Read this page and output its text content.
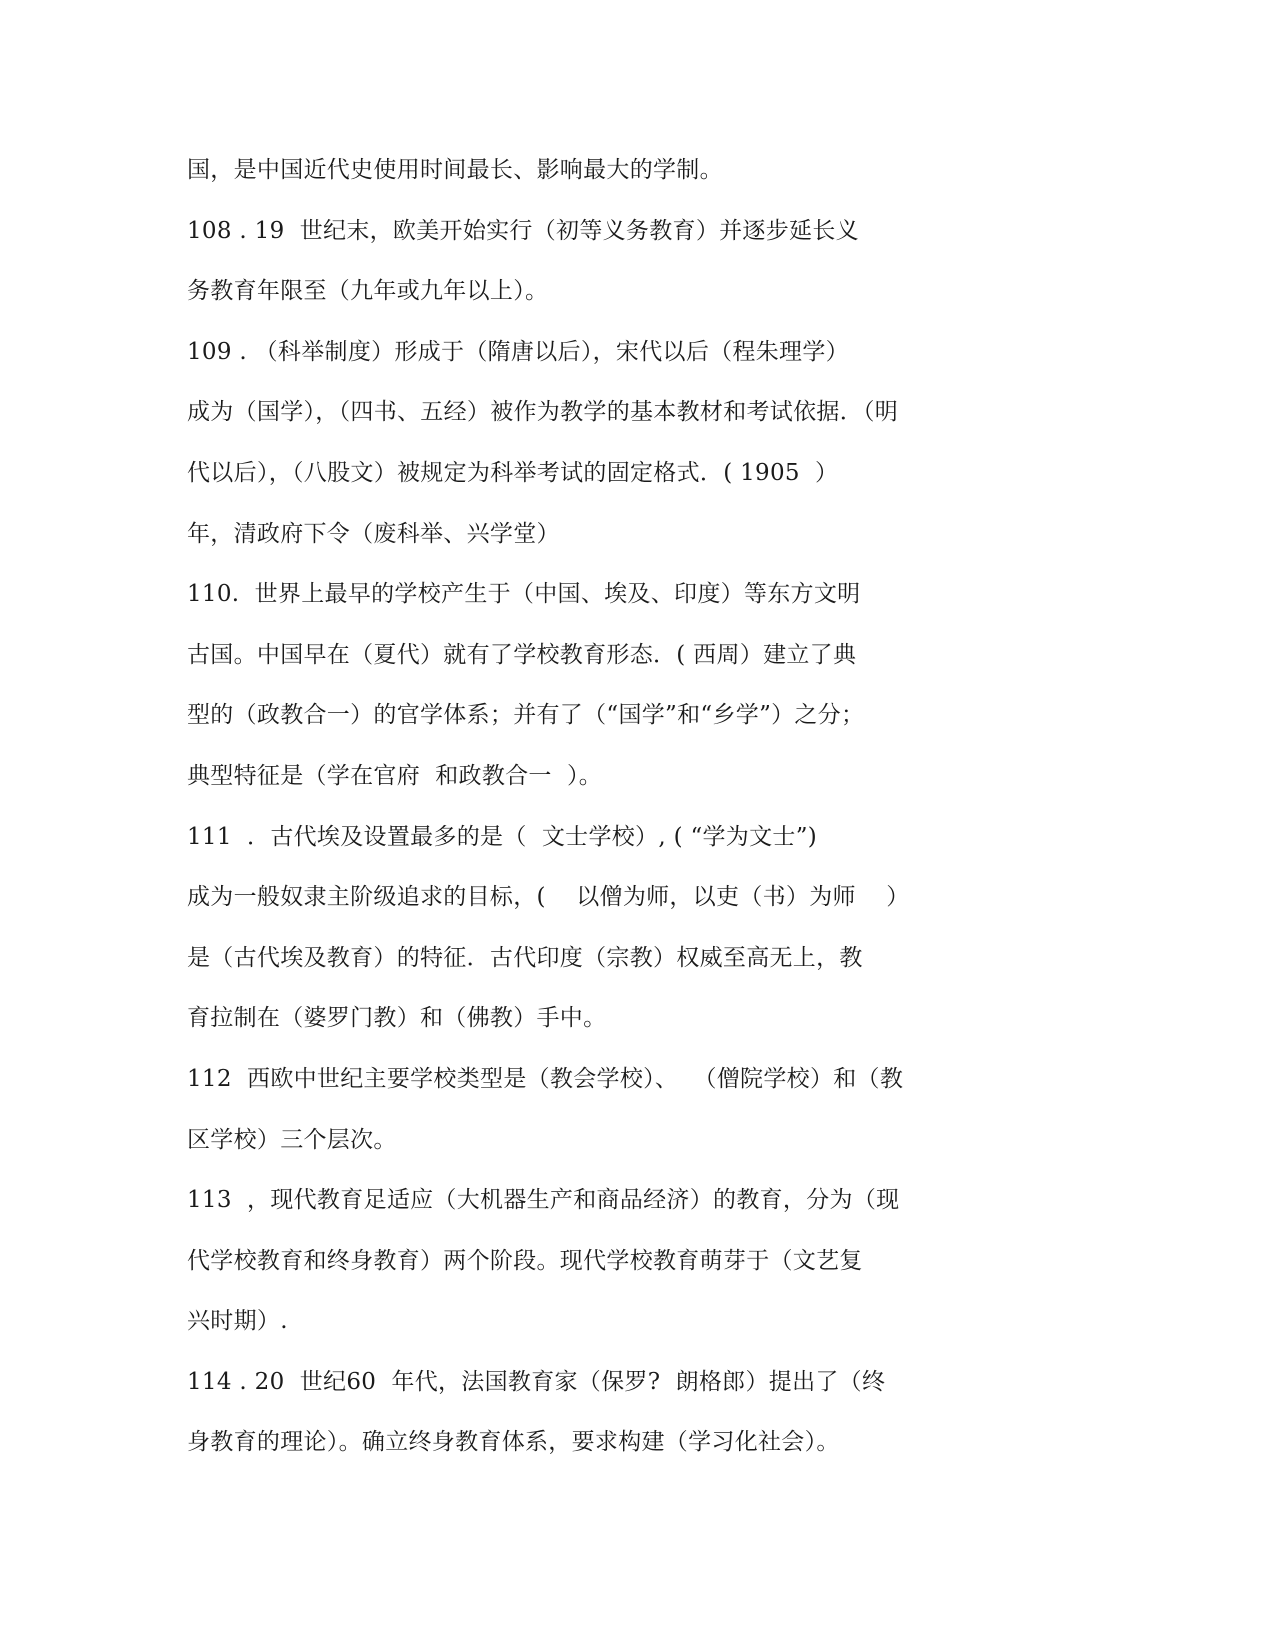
国，是中国近代史使用时间最长、影响最大的学制。
108 . 19  世纪末，欧美开始实行（初等义务教育）并逐步延长义
务教育年限至（九年或九年以上）。
109 . （科举制度）形成于（隋唐以后），宋代以后（程朱理学）
成为（国学），（四书、五经）被作为教学的基本教材和考试依据．（明
代以后），（八股文）被规定为科举考试的固定格式．( 1905  ）
年，清政府下令（废科举、兴学堂）
110.  世界上最早的学校产生于（中国、埃及、印度）等东方文明
古国。中国早在（夏代）就有了学校教育形态．( 西周）建立了典
型的（政教合一）的官学体系；并有了（“国学”和“乡学”）之分；
典型特征是（学在官府  和政教合一  ）。
111  ．古代埃及设置最多的是（  文士学校）, ( “学为文士”)
成为一般奴隶主阶级追求的目标，(    以僧为师，以吏（书）为师    ）
是（古代埃及教育）的特征．古代印度（宗教）权威至高无上，教
育拉制在（婆罗门教）和（佛教）手中。
112  西欧中世纪主要学校类型是（教会学校）、  （僧院学校）和（教
区学校）三个层次。
113  ，现代教育足适应（大机器生产和商品经济）的教育，分为（现
代学校教育和终身教育）两个阶段。现代学校教育萌芽于（文艺复
兴时期）.
114 . 20  世纪60  年代，法国教育家（保罗?  朗格郎）提出了（终
身教育的理论）。确立终身教育体系，要求构建（学习化社会）。
